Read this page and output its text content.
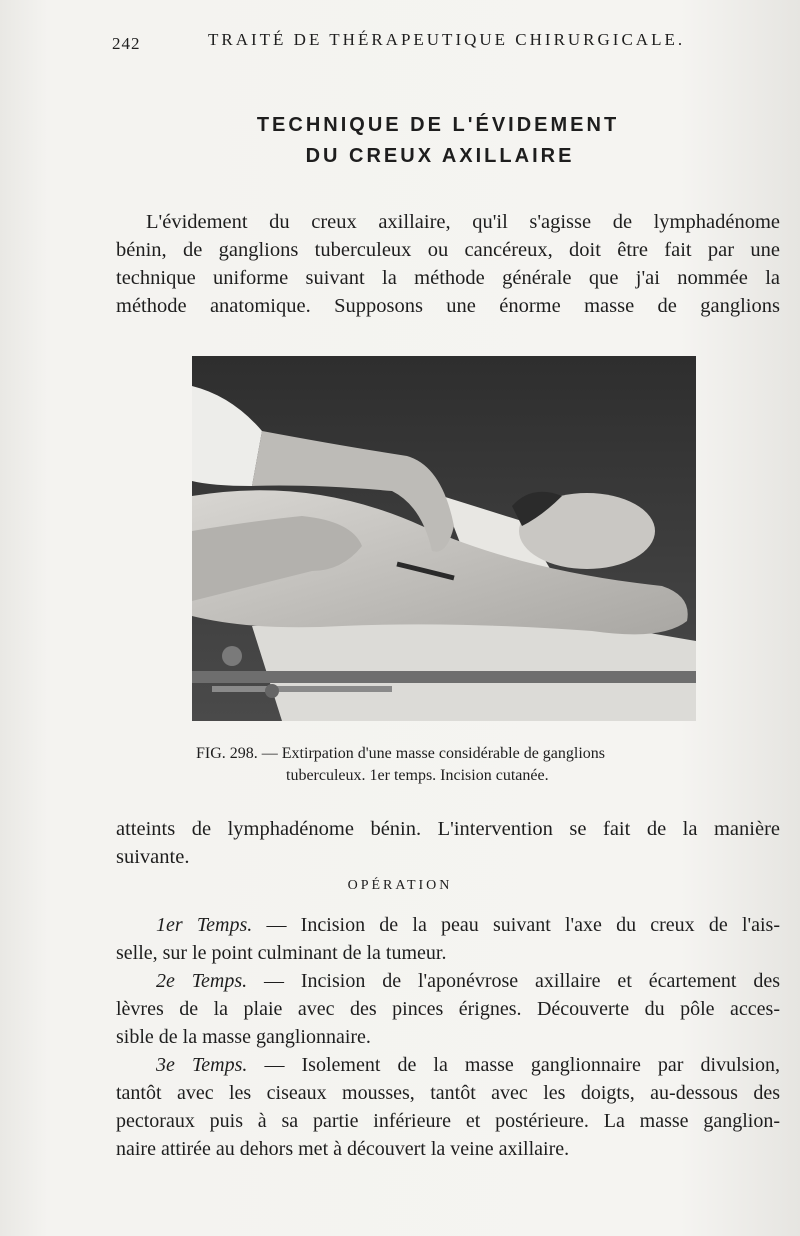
242	TRAITÉ DE THÉRAPEUTIQUE CHIRURGICALE.
TECHNIQUE DE L'ÉVIDEMENT
DU CREUX AXILLAIRE
L'évidement du creux axillaire, qu'il s'agisse de lymphadénome
bénin, de ganglions tuberculeux ou cancéreux, doit être fait par une
technique uniforme suivant la méthode générale que j'ai nommée la
méthode anatomique. Supposons une énorme masse de ganglions
FIG. 298. — Extirpation d'une masse considérable de ganglions
tuberculeux. 1er temps. Incision cutanée.
atteints de lymphadénome bénin. L'intervention se fait de la manière
suivante.
OPÉRATION
1er Temps. — Incision de la peau suivant l'axe du creux de l'ais-
selle, sur le point culminant de la tumeur.
2e Temps. — Incision de l'aponévrose axillaire et écartement des
lèvres de la plaie avec des pinces érignes. Découverte du pôle acces-
sible de la masse ganglionnaire.
3e Temps. — Isolement de la masse ganglionnaire par divulsion,
tantôt avec les ciseaux mousses, tantôt avec les doigts, au-dessous des
pectoraux puis à sa partie inférieure et postérieure. La masse ganglion-
naire attirée au dehors met à découvert la veine axillaire.
